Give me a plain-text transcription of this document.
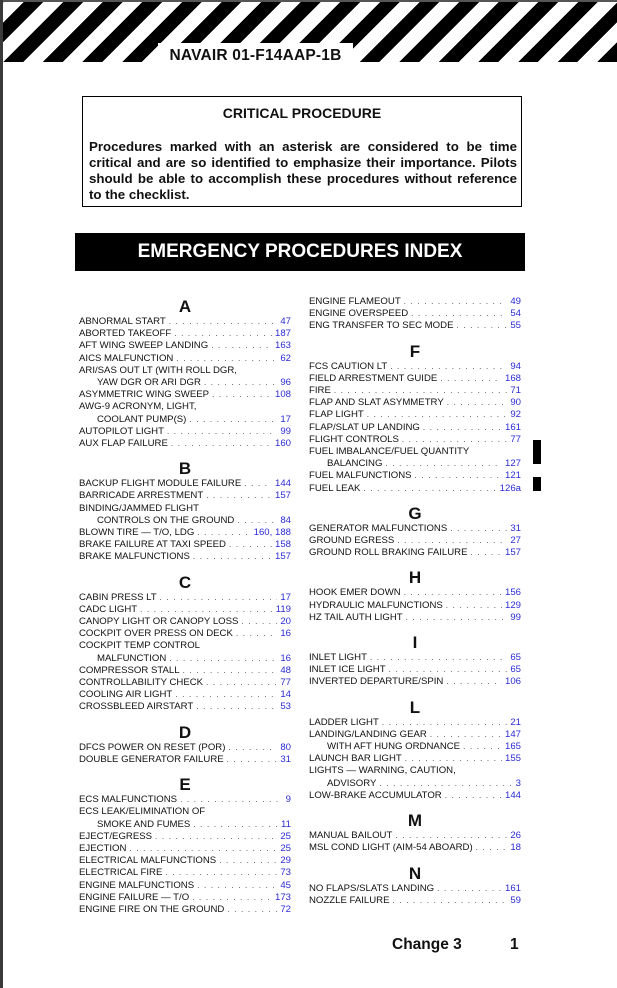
NAVAIR 01-F14AAP-1B
CRITICAL PROCEDURE
Procedures marked with an asterisk are considered to be time critical and are so identified to emphasize their importance. Pilots should be able to accomplish these procedures without reference to the checklist.
EMERGENCY PROCEDURES INDEX
A
ABNORMAL START . . .	47
ABORTED TAKEOFF . . .	187
AFT WING SWEEP LANDING . . .	163
AICS MALFUNCTION . . .	62
ARI/SAS OUT LT (WITH ROLL DGR,
YAW DGR OR ARI DGR . . .	96
ASYMMETRIC WING SWEEP . . .	108
AWG-9 ACRONYM, LIGHT,
COOLANT PUMP(S) . . .	17
AUTOPILOT LIGHT . . .	99
AUX FLAP FAILURE . . .	160
B
BACKUP FLIGHT MODULE FAILURE . . .	144
BARRICADE ARRESTMENT . . .	157
BINDING/JAMMED FLIGHT
CONTROLS ON THE GROUND . . .	84
BLOWN TIRE — T/O, LDG . . .	160, 188
BRAKE FAILURE AT TAXI SPEED . . .	158
BRAKE MALFUNCTIONS . . .	157
C
CABIN PRESS LT . . .	17
CADC LIGHT . . .	119
CANOPY LIGHT OR CANOPY LOSS . . .	20
COCKPIT OVER PRESS ON DECK . . .	16
COCKPIT TEMP CONTROL
MALFUNCTION . . .	16
COMPRESSOR STALL . . .	48
CONTROLLABILITY CHECK . . .	77
COOLING AIR LIGHT . . .	14
CROSSBLEED AIRSTART . . .	53
D
DFCS POWER ON RESET (POR) . . .	80
DOUBLE GENERATOR FAILURE . . .	31
E
ECS MALFUNCTIONS . . .	9
ECS LEAK/ELIMINATION OF
SMOKE AND FUMES . . .	11
EJECT/EGRESS . . .	25
EJECTION . . .	25
ELECTRICAL MALFUNCTIONS . . .	29
ELECTRICAL FIRE . . .	73
ENGINE MALFUNCTIONS . . .	45
ENGINE FAILURE — T/O . . .	173
ENGINE FIRE ON THE GROUND . . .	72
ENGINE FLAMEOUT . . .	49
ENGINE OVERSPEED . . .	54
ENG TRANSFER TO SEC MODE . . .	55
F
FCS CAUTION LT . . .	94
FIELD ARRESTMENT GUIDE . . .	168
FIRE . . .	71
FLAP AND SLAT ASYMMETRY . . .	90
FLAP LIGHT . . .	92
FLAP/SLAT UP LANDING . . .	161
FLIGHT CONTROLS . . .	77
FUEL IMBALANCE/FUEL QUANTITY
BALANCING . . .	127
FUEL MALFUNCTIONS . . .	121
FUEL LEAK . . .	126a
G
GENERATOR MALFUNCTIONS . . .	31
GROUND EGRESS . . .	27
GROUND ROLL BRAKING FAILURE . . .	157
H
HOOK EMER DOWN . . .	156
HYDRAULIC MALFUNCTIONS . . .	129
HZ TAIL AUTH LIGHT . . .	99
I
INLET LIGHT . . .	65
INLET ICE LIGHT . . .	65
INVERTED DEPARTURE/SPIN . . .	106
L
LADDER LIGHT . . .	21
LANDING/LANDING GEAR . . .	147
WITH AFT HUNG ORDNANCE . . .	165
LAUNCH BAR LIGHT . . .	155
LIGHTS — WARNING, CAUTION,
ADVISORY . . .	3
LOW-BRAKE ACCUMULATOR . . .	144
M
MANUAL BAILOUT . . .	26
MSL COND LIGHT (AIM-54 ABOARD) . . .	18
N
NO FLAPS/SLATS LANDING . . .	161
NOZZLE FAILURE . . .	59
Change 3	1
